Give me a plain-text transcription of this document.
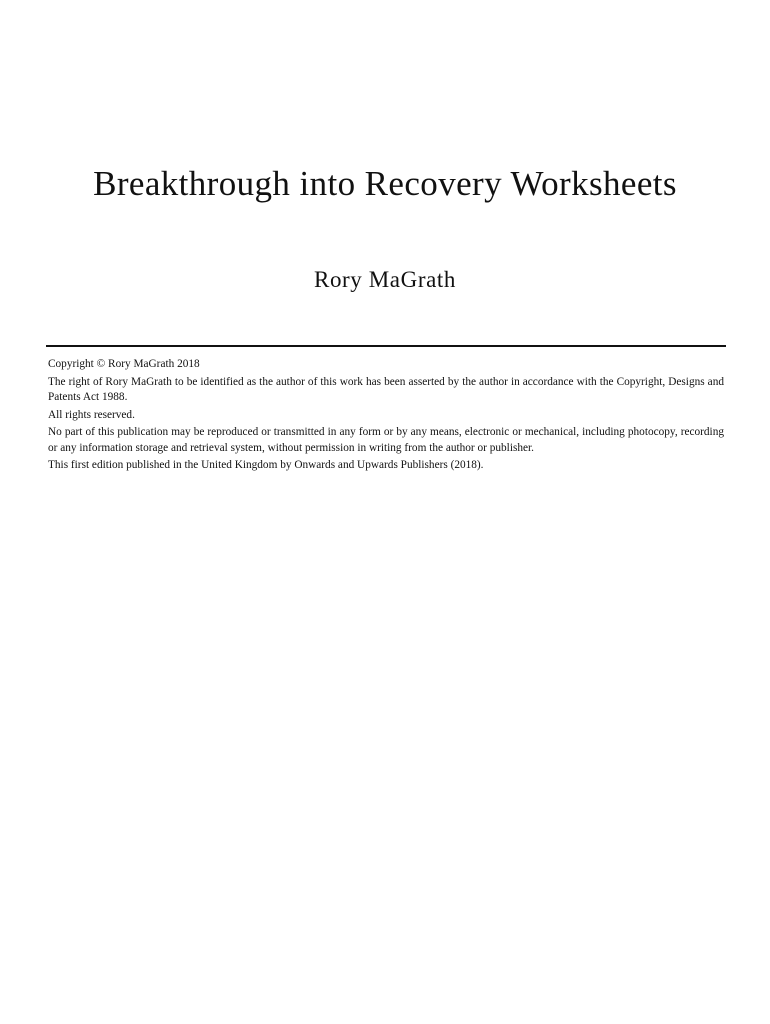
Breakthrough into Recovery Worksheets
Rory MaGrath

Copyright © Rory MaGrath 2018

The right of Rory MaGrath to be identified as the author of this work has been asserted by the author in accordance with the Copyright, Designs and Patents Act 1988.

All rights reserved.

No part of this publication may be reproduced or transmitted in any form or by any means, electronic or mechanical, including photocopy, recording or any information storage and retrieval system, without permission in writing from the author or publisher.

This first edition published in the United Kingdom by Onwards and Upwards Publishers (2018).
